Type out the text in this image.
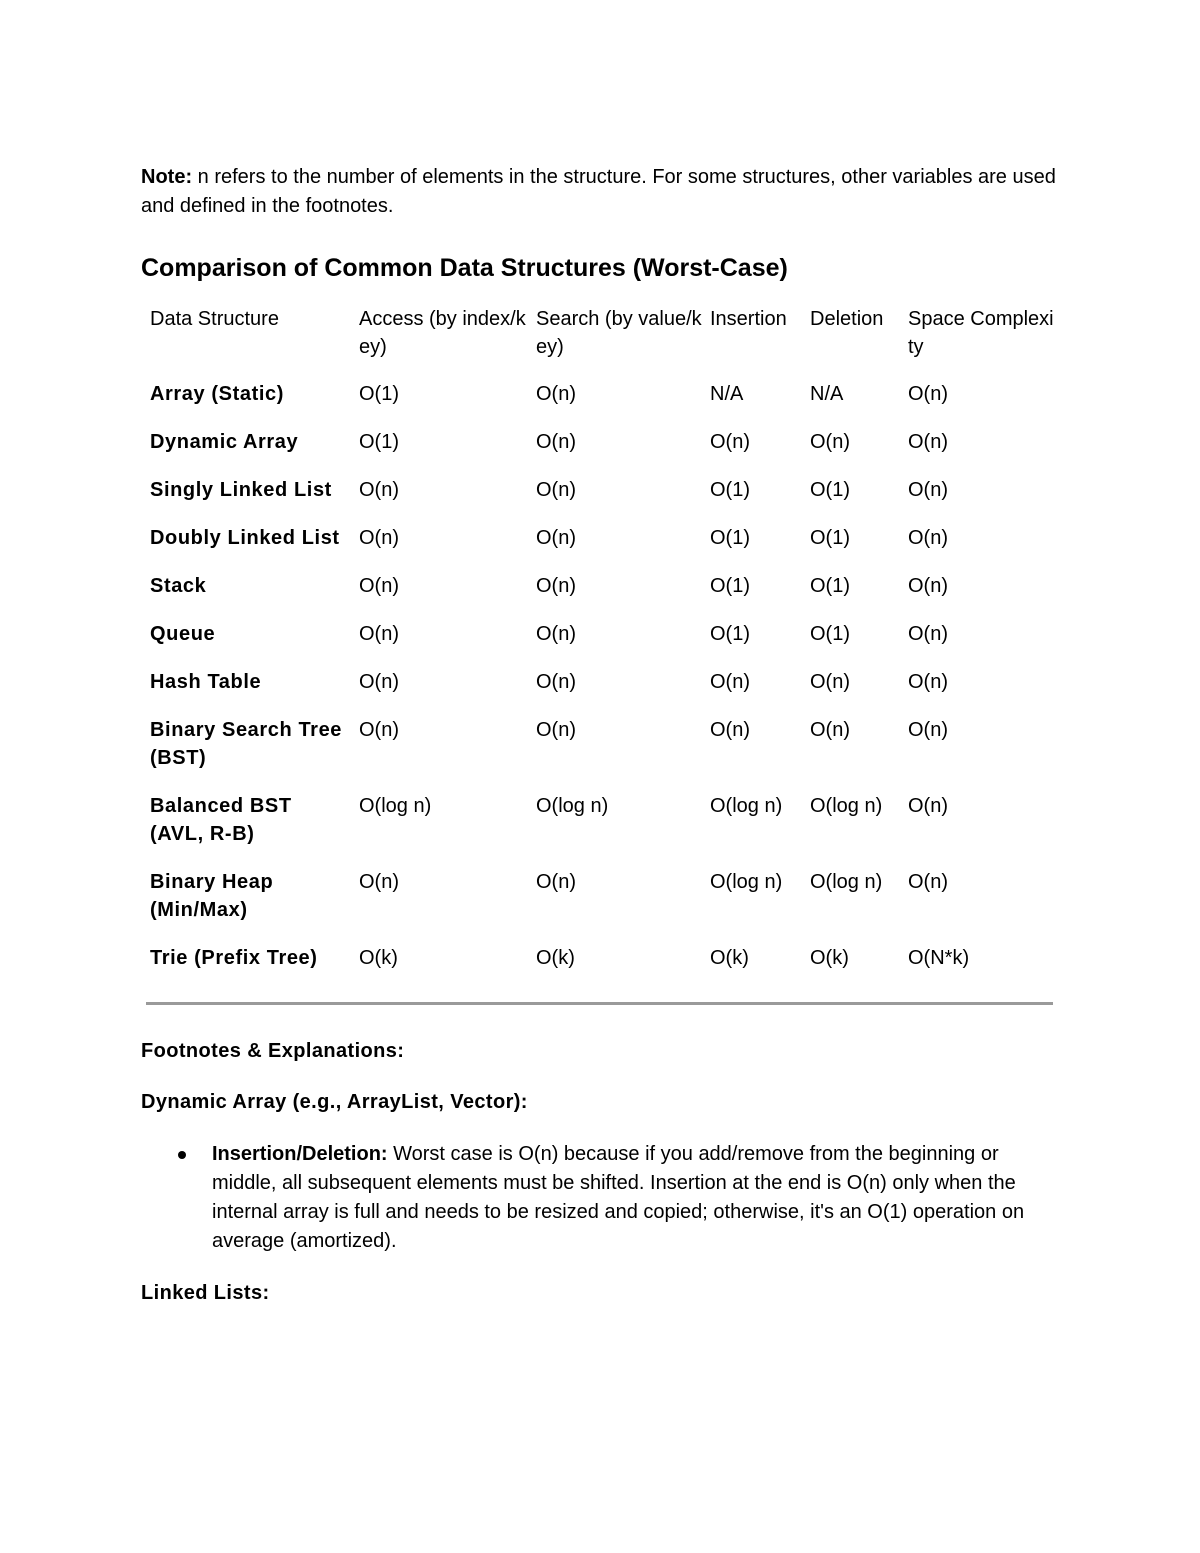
Note: n refers to the number of elements in the structure. For some structures, other variables are used and defined in the footnotes.

Comparison of Common Data Structures (Worst-Case)
Data Structure	Access (by index/key)	Search (by value/key)	Insertion	Deletion	Space Complexity
Array (Static)	O(1)	O(n)	N/A	N/A	O(n)
Dynamic Array	O(1)	O(n)	O(n)	O(n)	O(n)
Singly Linked List	O(n)	O(n)	O(1)	O(1)	O(n)
Doubly Linked List	O(n)	O(n)	O(1)	O(1)	O(n)
Stack	O(n)	O(n)	O(1)	O(1)	O(n)
Queue	O(n)	O(n)	O(1)	O(1)	O(n)
Hash Table	O(n)	O(n)	O(n)	O(n)	O(n)
Binary Search Tree (BST)	O(n)	O(n)	O(n)	O(n)	O(n)
Balanced BST (AVL, R-B)	O(log n)	O(log n)	O(log n)	O(log n)	O(n)
Binary Heap (Min/Max)	O(n)	O(n)	O(log n)	O(log n)	O(n)
Trie (Prefix Tree)	O(k)	O(k)	O(k)	O(k)	O(N*k)

Footnotes & Explanations:

Dynamic Array (e.g., ArrayList, Vector):

Insertion/Deletion: Worst case is O(n) because if you add/remove from the beginning or middle, all subsequent elements must be shifted. Insertion at the end is O(n) only when the internal array is full and needs to be resized and copied; otherwise, it's an O(1) operation on average (amortized).

Linked Lists:
